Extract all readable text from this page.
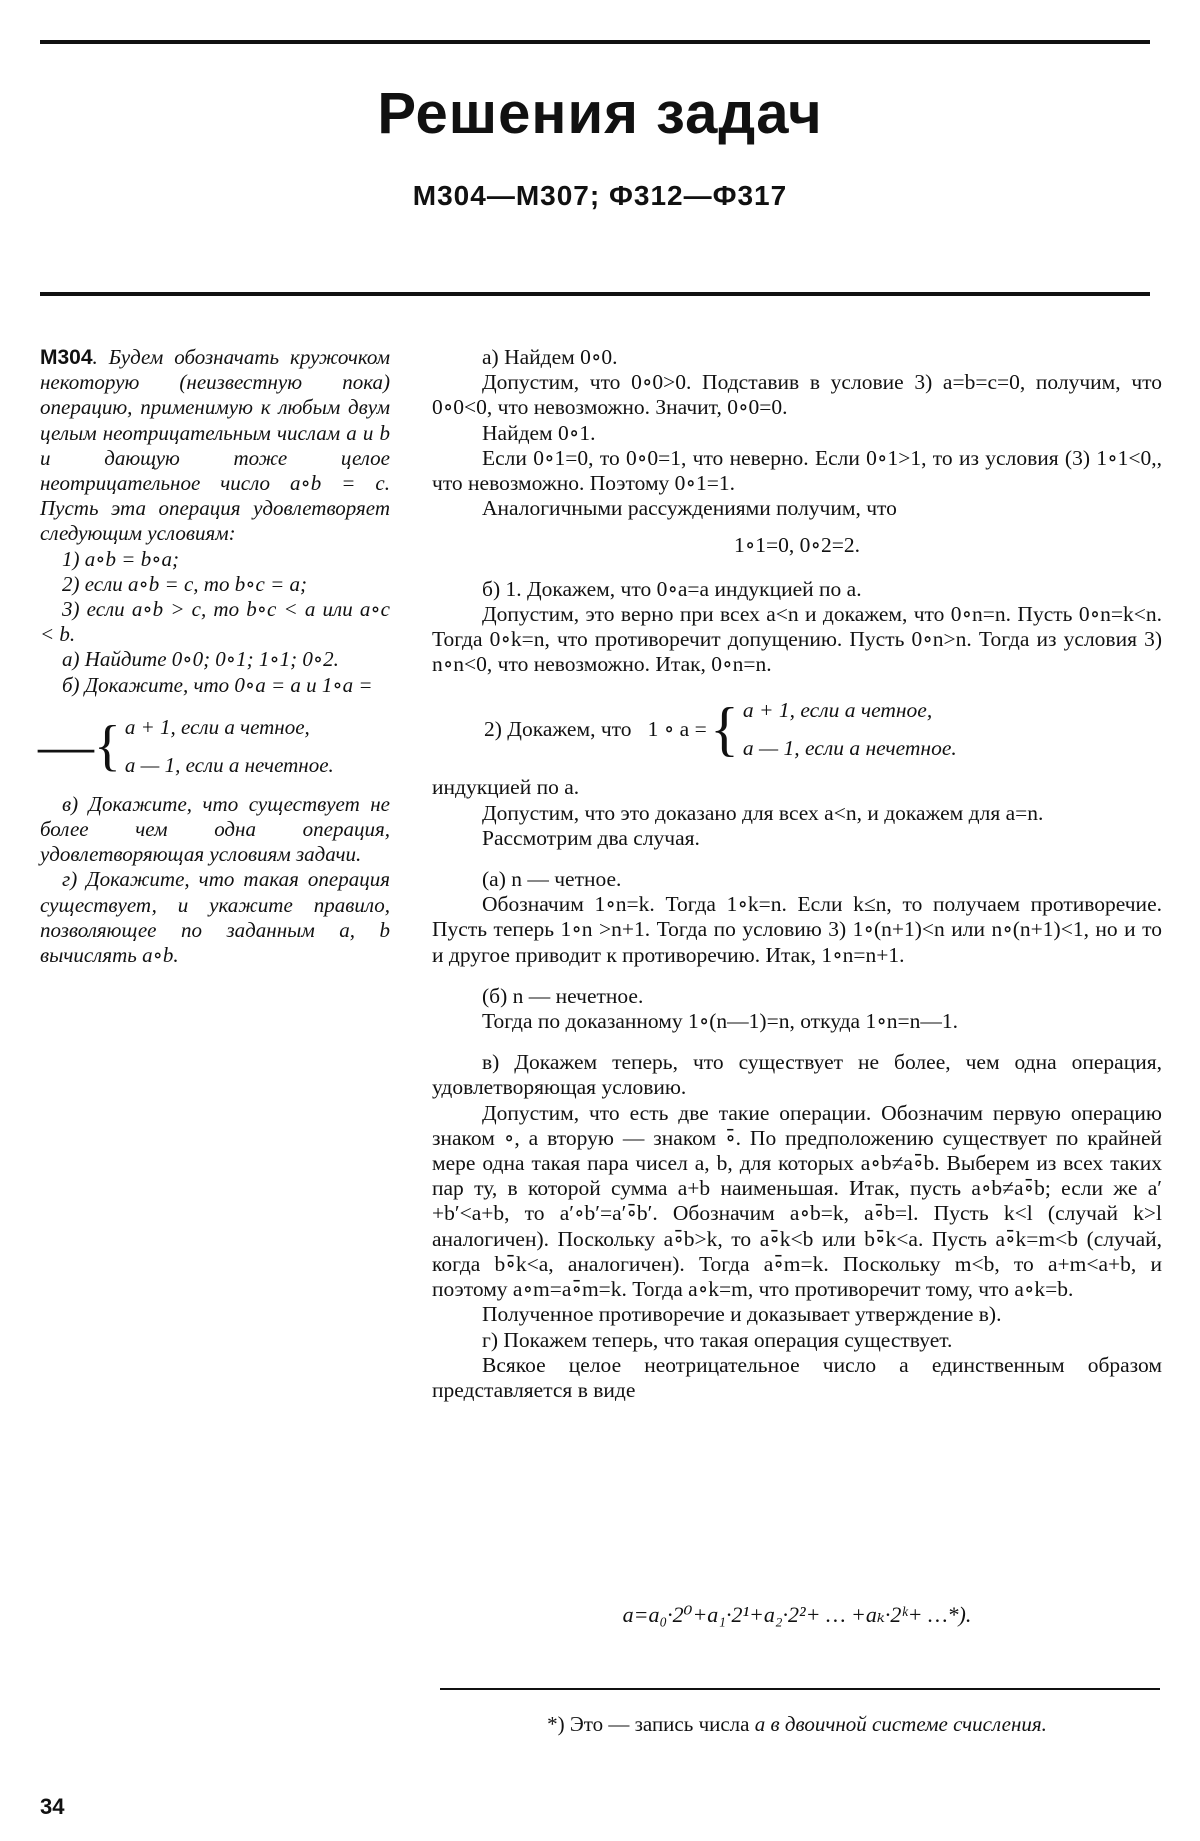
Решения задач
М304—М307; Ф312—Ф317

М304. Будем обозначать кружочком некоторую (неизвестную пока) операцию, применимую к любым двум целым неотрицательным числам a и b и дающую тоже целое неотрицательное число a∘b = c. Пусть эта операция удовлетворяет следующим условиям:

1) a∘b = b∘a;

2) если a∘b = c, то b∘c = a;

3) если a∘b > c, то b∘c < a или a∘c < b.

а) Найдите 0∘0; 0∘1; 1∘1; 0∘2.

б) Докажите, что 0∘a = a и 1∘a =

—{ a + 1, если a четное,
a — 1, если a нечетное.

в) Докажите, что существует не более чем одна операция, удовлетворяющая условиям задачи.

г) Докажите, что такая операция существует, и укажите правило, позволяющее по заданным a, b вычислять a∘b.

а) Найдем 0∘0.

Допустим, что 0∘0>0. Подставив в условие 3) a=b=c=0, получим, что 0∘0<0, что невозможно. Значит, 0∘0=0.

Найдем 0∘1.

Если 0∘1=0, то 0∘0=1, что неверно. Если 0∘1>1, то из условия (3) 1∘1<0,, что невозможно. Поэтому 0∘1=1.

Аналогичными рассуждениями получим, что

1∘1=0, 0∘2=2.

б) 1. Докажем, что 0∘a=a индукцией по a.

Допустим, это верно при всех a<n и докажем, что 0∘n=n. Пусть 0∘n=k<n. Тогда 0∘k=n, что противоречит допущению. Пусть 0∘n>n. Тогда из условия 3) n∘n<0, что невозможно. Итак, 0∘n=n.

2) Докажем, что   1 ∘ a =
{ a + 1, если a четное,
a — 1, если a нечетное.

индукцией по a.

Допустим, что это доказано для всех a<n, и докажем для a=n.

Рассмотрим два случая.

(а) n — четное.

Обозначим 1∘n=k. Тогда 1∘k=n. Если k≤n, то получаем противоречие. Пусть теперь 1∘n >n+1. Тогда по условию 3) 1∘(n+1)<n или n∘(n+1)<1, но и то и другое приводит к противоречию. Итак, 1∘n=n+1.

(б) n — нечетное.

Тогда по доказанному 1∘(n—1)=n, откуда 1∘n=n—1.

в) Докажем теперь, что существует не более, чем одна операция, удовлетворяющая условию.

Допустим, что есть две такие операции. Обозначим первую операцию знаком ∘, а вторую — знаком ∘̄. По предположению существует по крайней мере одна такая пара чисел a, b, для которых a∘b≠a∘̄b. Выберем из всех таких пар ту, в которой сумма a+b наименьшая. Итак, пусть a∘b≠a∘̄b; если же a′+b′<a+b, то a′∘b′=a′∘̄b′. Обозначим a∘b=k, a∘̄b=l. Пусть k<l (случай k>l аналогичен). Поскольку a∘̄b>k, то a∘̄k<b или b∘̄k<a. Пусть a∘̄k=m<b (случай, когда b∘̄k<a, аналогичен). Тогда a∘̄m=k. Поскольку m<b, то a+m<a+b, и поэтому a∘m=a∘̄m=k. Тогда a∘k=m, что противоречит тому, что a∘k=b.

Полученное противоречие и доказывает утверждение в).

г) Покажем теперь, что такая операция существует.

Всякое целое неотрицательное число a единственным образом представляется в виде

a=a₀·2⁰+a₁·2¹+a₂·2²+ … +aₖ·2ᵏ+ …*).
*) Это — запись числа a в двоичной системе счисления.
34
